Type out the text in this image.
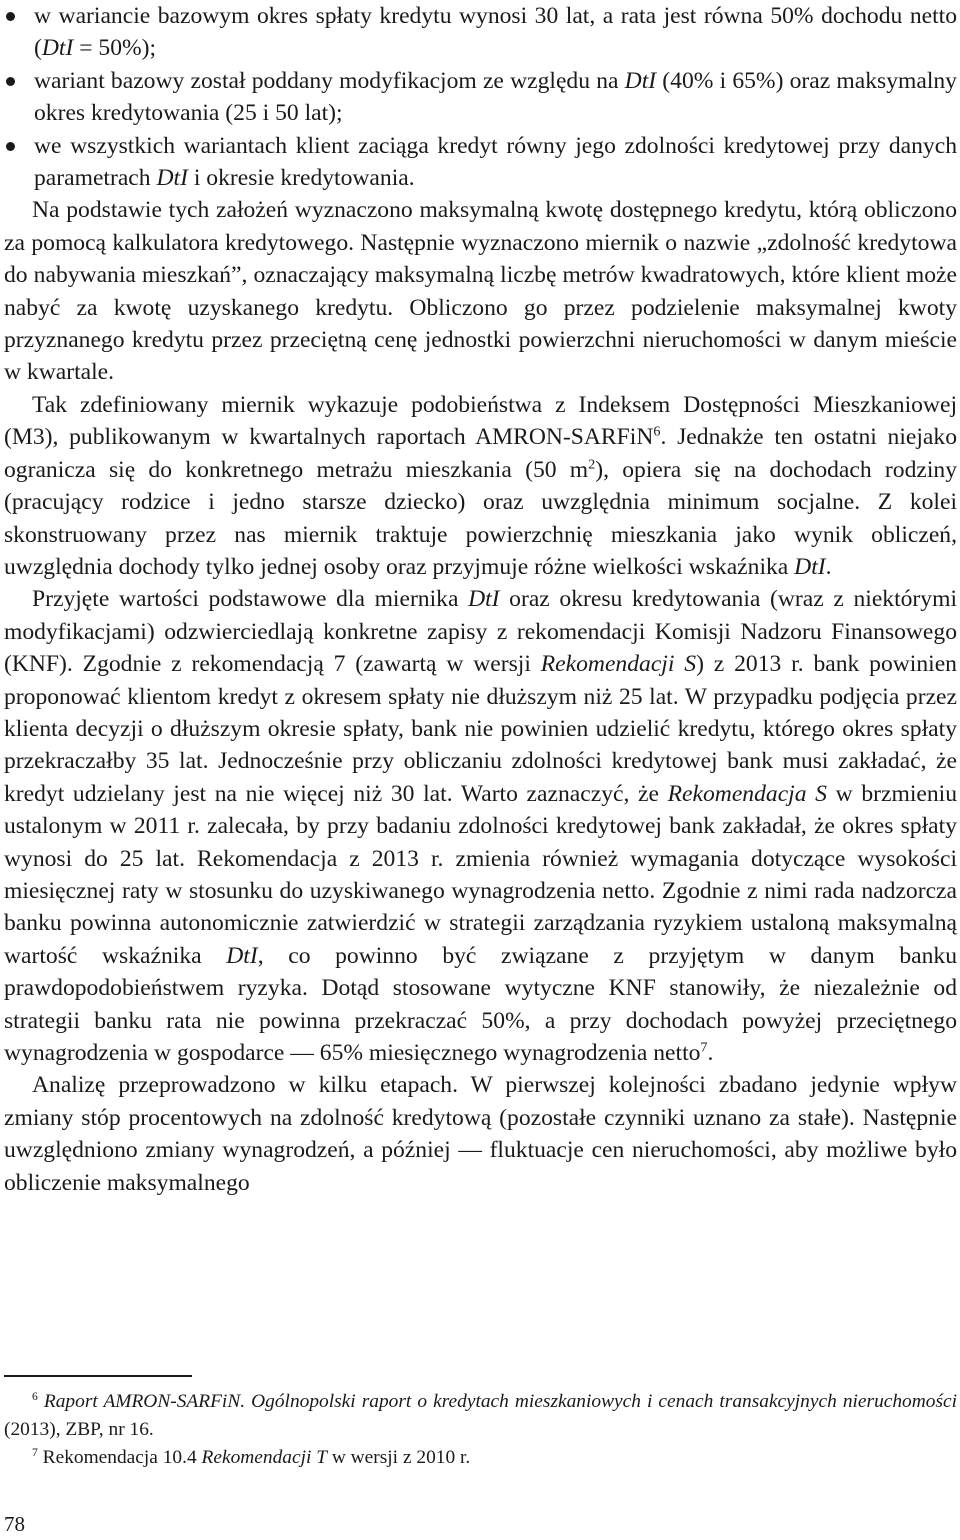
w wariancie bazowym okres spłaty kredytu wynosi 30 lat, a rata jest równa 50% dochodu netto (DtI = 50%);
wariant bazowy został poddany modyfikacjom ze względu na DtI (40% i 65%) oraz maksymalny okres kredytowania (25 i 50 lat);
we wszystkich wariantach klient zaciąga kredyt równy jego zdolności kredytowej przy danych parametrach DtI i okresie kredytowania.

Na podstawie tych założeń wyznaczono maksymalną kwotę dostępnego kredytu, którą obliczono za pomocą kalkulatora kredytowego. Następnie wyznaczono miernik o nazwie „zdolność kredytowa do nabywania mieszkań”, oznaczający maksymalną liczbę metrów kwadratowych, które klient może nabyć za kwotę uzyskanego kredytu. Obliczono go przez podzielenie maksymalnej kwoty przyznanego kredytu przez przeciętną cenę jednostki powierzchni nieruchomości w danym mieście w kwartale.

Tak zdefiniowany miernik wykazuje podobieństwa z Indeksem Dostępności Mieszkaniowej (M3), publikowanym w kwartalnych raportach AMRON-SARFiN$^6$. Jednakże ten ostatni niejako ogranicza się do konkretnego metrażu mieszkania (50 $m^2$), opiera się na dochodach rodziny (pracujący rodzice i jedno starsze dziecko) oraz uwzględnia minimum socjalne. Z kolei skonstruowany przez nas miernik traktuje powierzchnię mieszkania jako wynik obliczeń, uwzględnia dochody tylko jednej osoby oraz przyjmuje różne wielkości wskaźnika DtI.

Przyjęte wartości podstawowe dla miernika DtI oraz okresu kredytowania (wraz z niektórymi modyfikacjami) odzwierciedlają konkretne zapisy z rekomendacji Komisji Nadzoru Finansowego (KNF). Zgodnie z rekomendacją 7 (zawartą w wersji Rekomendacji S) z 2013 r. bank powinien proponować klientom kredyt z okresem spłaty nie dłuższym niż 25 lat. W przypadku podjęcia przez klienta decyzji o dłuższym okresie spłaty, bank nie powinien udzielić kredytu, którego okres spłaty przekraczałby 35 lat. Jednocześnie przy obliczaniu zdolności kredytowej bank musi zakładać, że kredyt udzielany jest na nie więcej niż 30 lat. Warto zaznaczyć, że Rekomendacja S w brzmieniu ustalonym w 2011 r. zalecała, by przy badaniu zdolności kredytowej bank zakładał, że okres spłaty wynosi do 25 lat. Rekomendacja z 2013 r. zmienia również wymagania dotyczące wysokości miesięcznej raty w stosunku do uzyskiwanego wynagrodzenia netto. Zgodnie z nimi rada nadzorcza banku powinna autonomicznie zatwierdzić w strategii zarządzania ryzykiem ustaloną maksymalną wartość wskaźnika DtI, co powinno być związane z przyjętym w danym banku prawdopodobieństwem ryzyka. Dotąd stosowane wytyczne KNF stanowiły, że niezależnie od strategii banku rata nie powinna przekraczać 50%, a przy dochodach powyżej przeciętnego wynagrodzenia w gospodarce — 65% miesięcznego wynagrodzenia netto$^7$.

Analizę przeprowadzono w kilku etapach. W pierwszej kolejności zbadano jedynie wpływ zmiany stóp procentowych na zdolność kredytową (pozostałe czynniki uznano za stałe). Następnie uwzględniono zmiany wynagrodzeń, a później — fluktuacje cen nieruchomości, aby możliwe było obliczenie maksymalnego

$^6$ Raport AMRON-SARFiN. Ogólnopolski raport o kredytach mieszkaniowych i cenach transakcyjnych nieruchomości (2013), ZBP, nr 16.

$^7$ Rekomendacja 10.4 Rekomendacji T w wersji z 2010 r.

78
